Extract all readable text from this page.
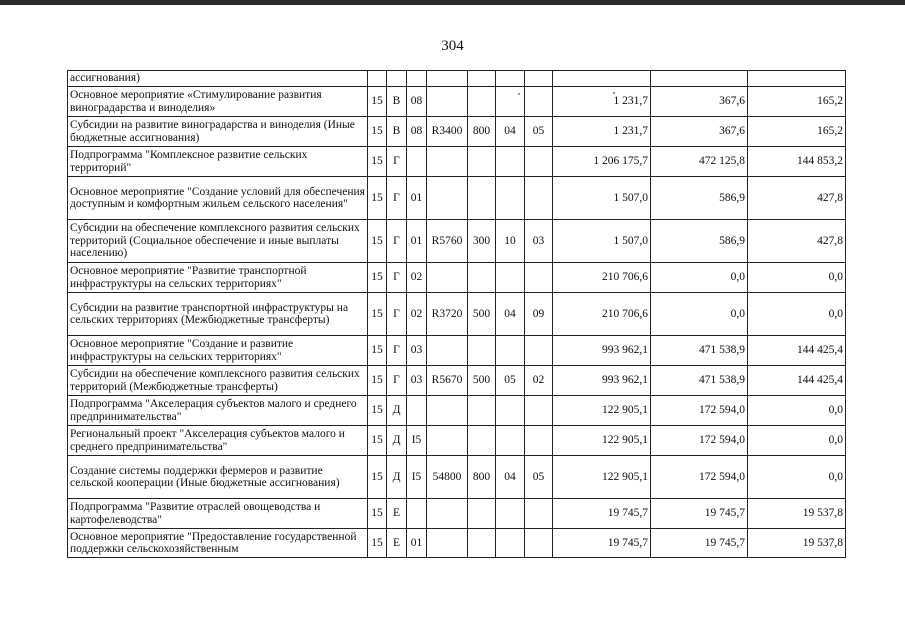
304
ассигнования)										
Основное мероприятие «Стимулирование развития виноградарства и виноделия»	15	В	08					1 231,7	367,6	165,2
Субсидии на развитие виноградарства и виноделия (Иные бюджетные ассигнования)	15	В	08	R3400	800	04	05	1 231,7	367,6	165,2
Подпрограмма "Комплексное развитие сельских территорий"	15	Г						1 206 175,7	472 125,8	144 853,2
Основное мероприятие "Создание условий для обеспечения доступным и комфортным жильем сельского населения"	15	Г	01					1 507,0	586,9	427,8
Субсидии на обеспечение комплексного развития сельских территорий (Социальное обеспечение и иные выплаты населению)	15	Г	01	R5760	300	10	03	1 507,0	586,9	427,8
Основное мероприятие "Развитие транспортной инфраструктуры на сельских территориях"	15	Г	02					210 706,6	0,0	0,0
Субсидии на развитие транспортной инфраструктуры на сельских территориях (Межбюджетные трансферты)	15	Г	02	R3720	500	04	09	210 706,6	0,0	0,0
Основное мероприятие "Создание и развитие инфраструктуры на сельских территориях"	15	Г	03					993 962,1	471 538,9	144 425,4
Субсидии на обеспечение комплексного развития сельских территорий (Межбюджетные трансферты)	15	Г	03	R5670	500	05	02	993 962,1	471 538,9	144 425,4
Подпрограмма "Акселерация субъектов малого и среднего предпринимательства"	15	Д						122 905,1	172 594,0	0,0
Региональный проект "Акселерация субъектов малого и среднего предпринимательства"	15	Д	I5					122 905,1	172 594,0	0,0
Создание системы поддержки фермеров и развитие сельской кооперации (Иные бюджетные ассигнования)	15	Д	I5	54800	800	04	05	122 905,1	172 594,0	0,0
Подпрограмма "Развитие отраслей овощеводства и картофелеводства"	15	Е						19 745,7	19 745,7	19 537,8
Основное мероприятие "Предоставление государственной поддержки сельскохозяйственным	15	Е	01					19 745,7	19 745,7	19 537,8
